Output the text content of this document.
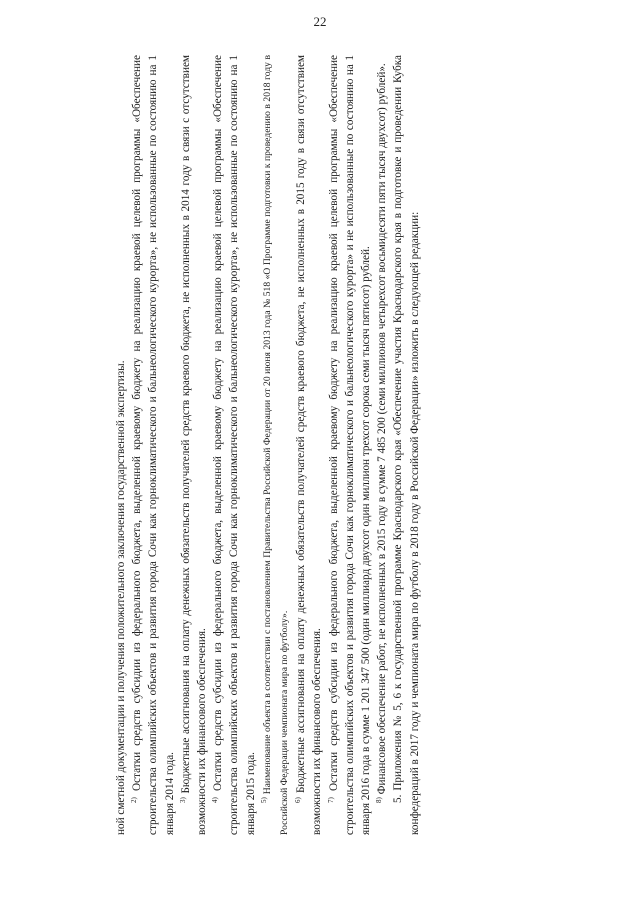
22

ной сметной документации и получения положительного заключения государственной экспертизы. $^{2)}$ Остатки средств субсидии из федерального бюджета, выделенной краевому бюджету на реализацию краевой целевой программы «Обеспечение строительства олимпийских объектов и развития города Сочи как горноклиматического и бальнеологического курорта», не использованные по состоянию на 1 января 2014 года. $^{3)}$ Бюджетные ассигнования на оплату денежных обязательств получателей средств краевого бюджета, не исполненных в 2014 году в связи с отсутствием возможности их финансового обеспечения. $^{4)}$ Остатки средств субсидии из федерального бюджета, выделенной краевому бюджету на реализацию краевой целевой программы «Обеспечение строительства олимпийских объектов и развития города Сочи как горноклиматического и бальнеологического курорта», не использованные по состоянию на 1 января 2015 года. $^{5)}$ Наименование объекта в соответствии с постановлением Правительства Российской Федерации от 20 июня 2013 года № 518 «О Программе подготовки к проведению в 2018 году в Российской Федерации чемпионата мира по футболу». $^{6)}$ Бюджетные ассигнования на оплату денежных обязательств получателей средств краевого бюджета, не исполненных в 2015 году в связи отсутствием возможности их финансового обеспечения. $^{7)}$ Остатки средств субсидии из федерального бюджета, выделенной краевому бюджету на реализацию краевой целевой программы «Обеспечение строительства олимпийских объектов и развития города Сочи как горноклиматического и бальнеологического курорта» и не использованные по состоянию на 1 января 2016 года в сумме 1 201 347 500 (один миллиард двухсот один миллион трехсот сорока семи тысяч пятисот) рублей. $^{8)}$ Финансовое обеспечение работ, не исполненных в 2015 году в сумме 7 485 200 (семи миллионов четырехсот восьмидесяти пяти тысяч двухсот) рублей». 5. Приложения № 5, 6 к государственной программе Краснодарского края «Обеспечение участия Краснодарского края в подготовке и проведении Кубка конфедераций в 2017 году и чемпионата мира по футболу в 2018 году в Российской Федерации» изложить в следующей редакции:
